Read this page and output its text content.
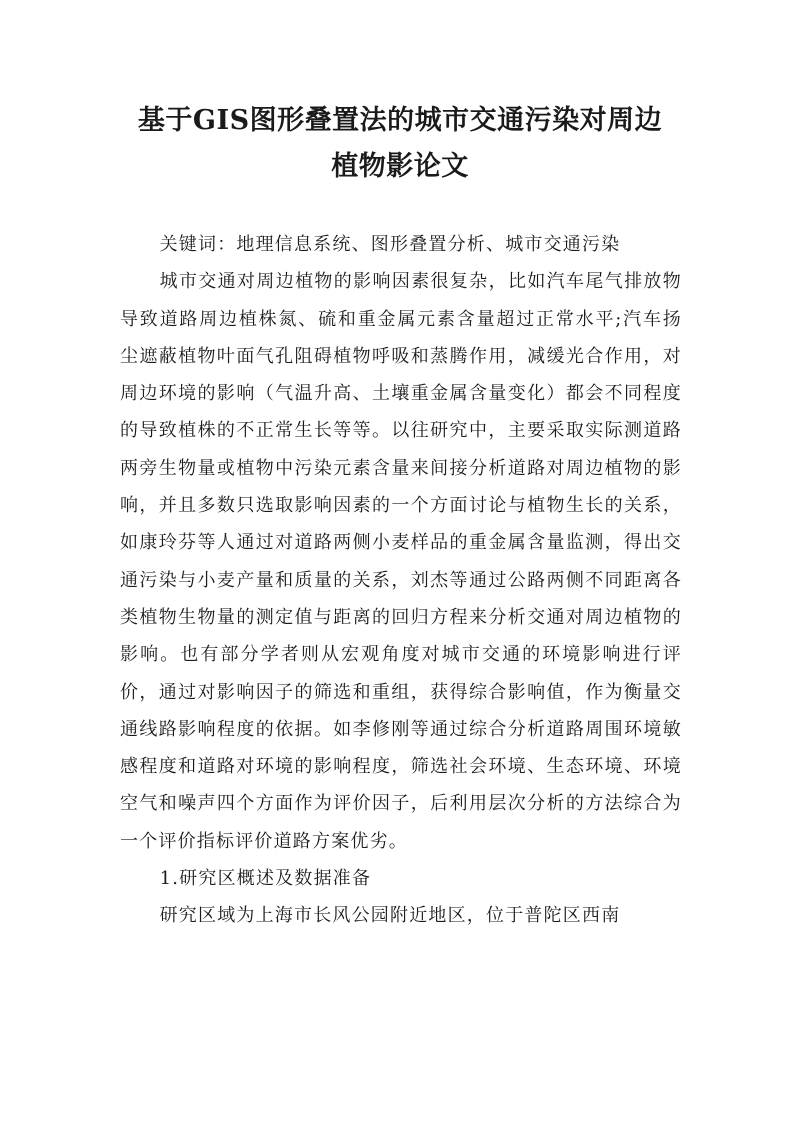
基于GIS图形叠置法的城市交通污染对周边
植物影论文

关键词：地理信息系统、图形叠置分析、城市交通污染

城市交通对周边植物的影响因素很复杂，比如汽车尾气排放物导致道路周边植株氮、硫和重金属元素含量超过正常水平;汽车扬尘遮蔽植物叶面气孔阻碍植物呼吸和蒸腾作用，减缓光合作用，对周边环境的影响（气温升高、土壤重金属含量变化）都会不同程度的导致植株的不正常生长等等。以往研究中，主要采取实际测道路两旁生物量或植物中污染元素含量来间接分析道路对周边植物的影响，并且多数只选取影响因素的一个方面讨论与植物生长的关系，如康玲芬等人通过对道路两侧小麦样品的重金属含量监测，得出交通污染与小麦产量和质量的关系，刘杰等通过公路两侧不同距离各类植物生物量的测定值与距离的回归方程来分析交通对周边植物的影响。也有部分学者则从宏观角度对城市交通的环境影响进行评价，通过对影响因子的筛选和重组，获得综合影响值，作为衡量交通线路影响程度的依据。如李修刚等通过综合分析道路周围环境敏感程度和道路对环境的影响程度，筛选社会环境、生态环境、环境空气和噪声四个方面作为评价因子，后利用层次分析的方法综合为一个评价指标评价道路方案优劣。

1.研究区概述及数据准备

研究区域为上海市长风公园附近地区，位于普陀区西南
